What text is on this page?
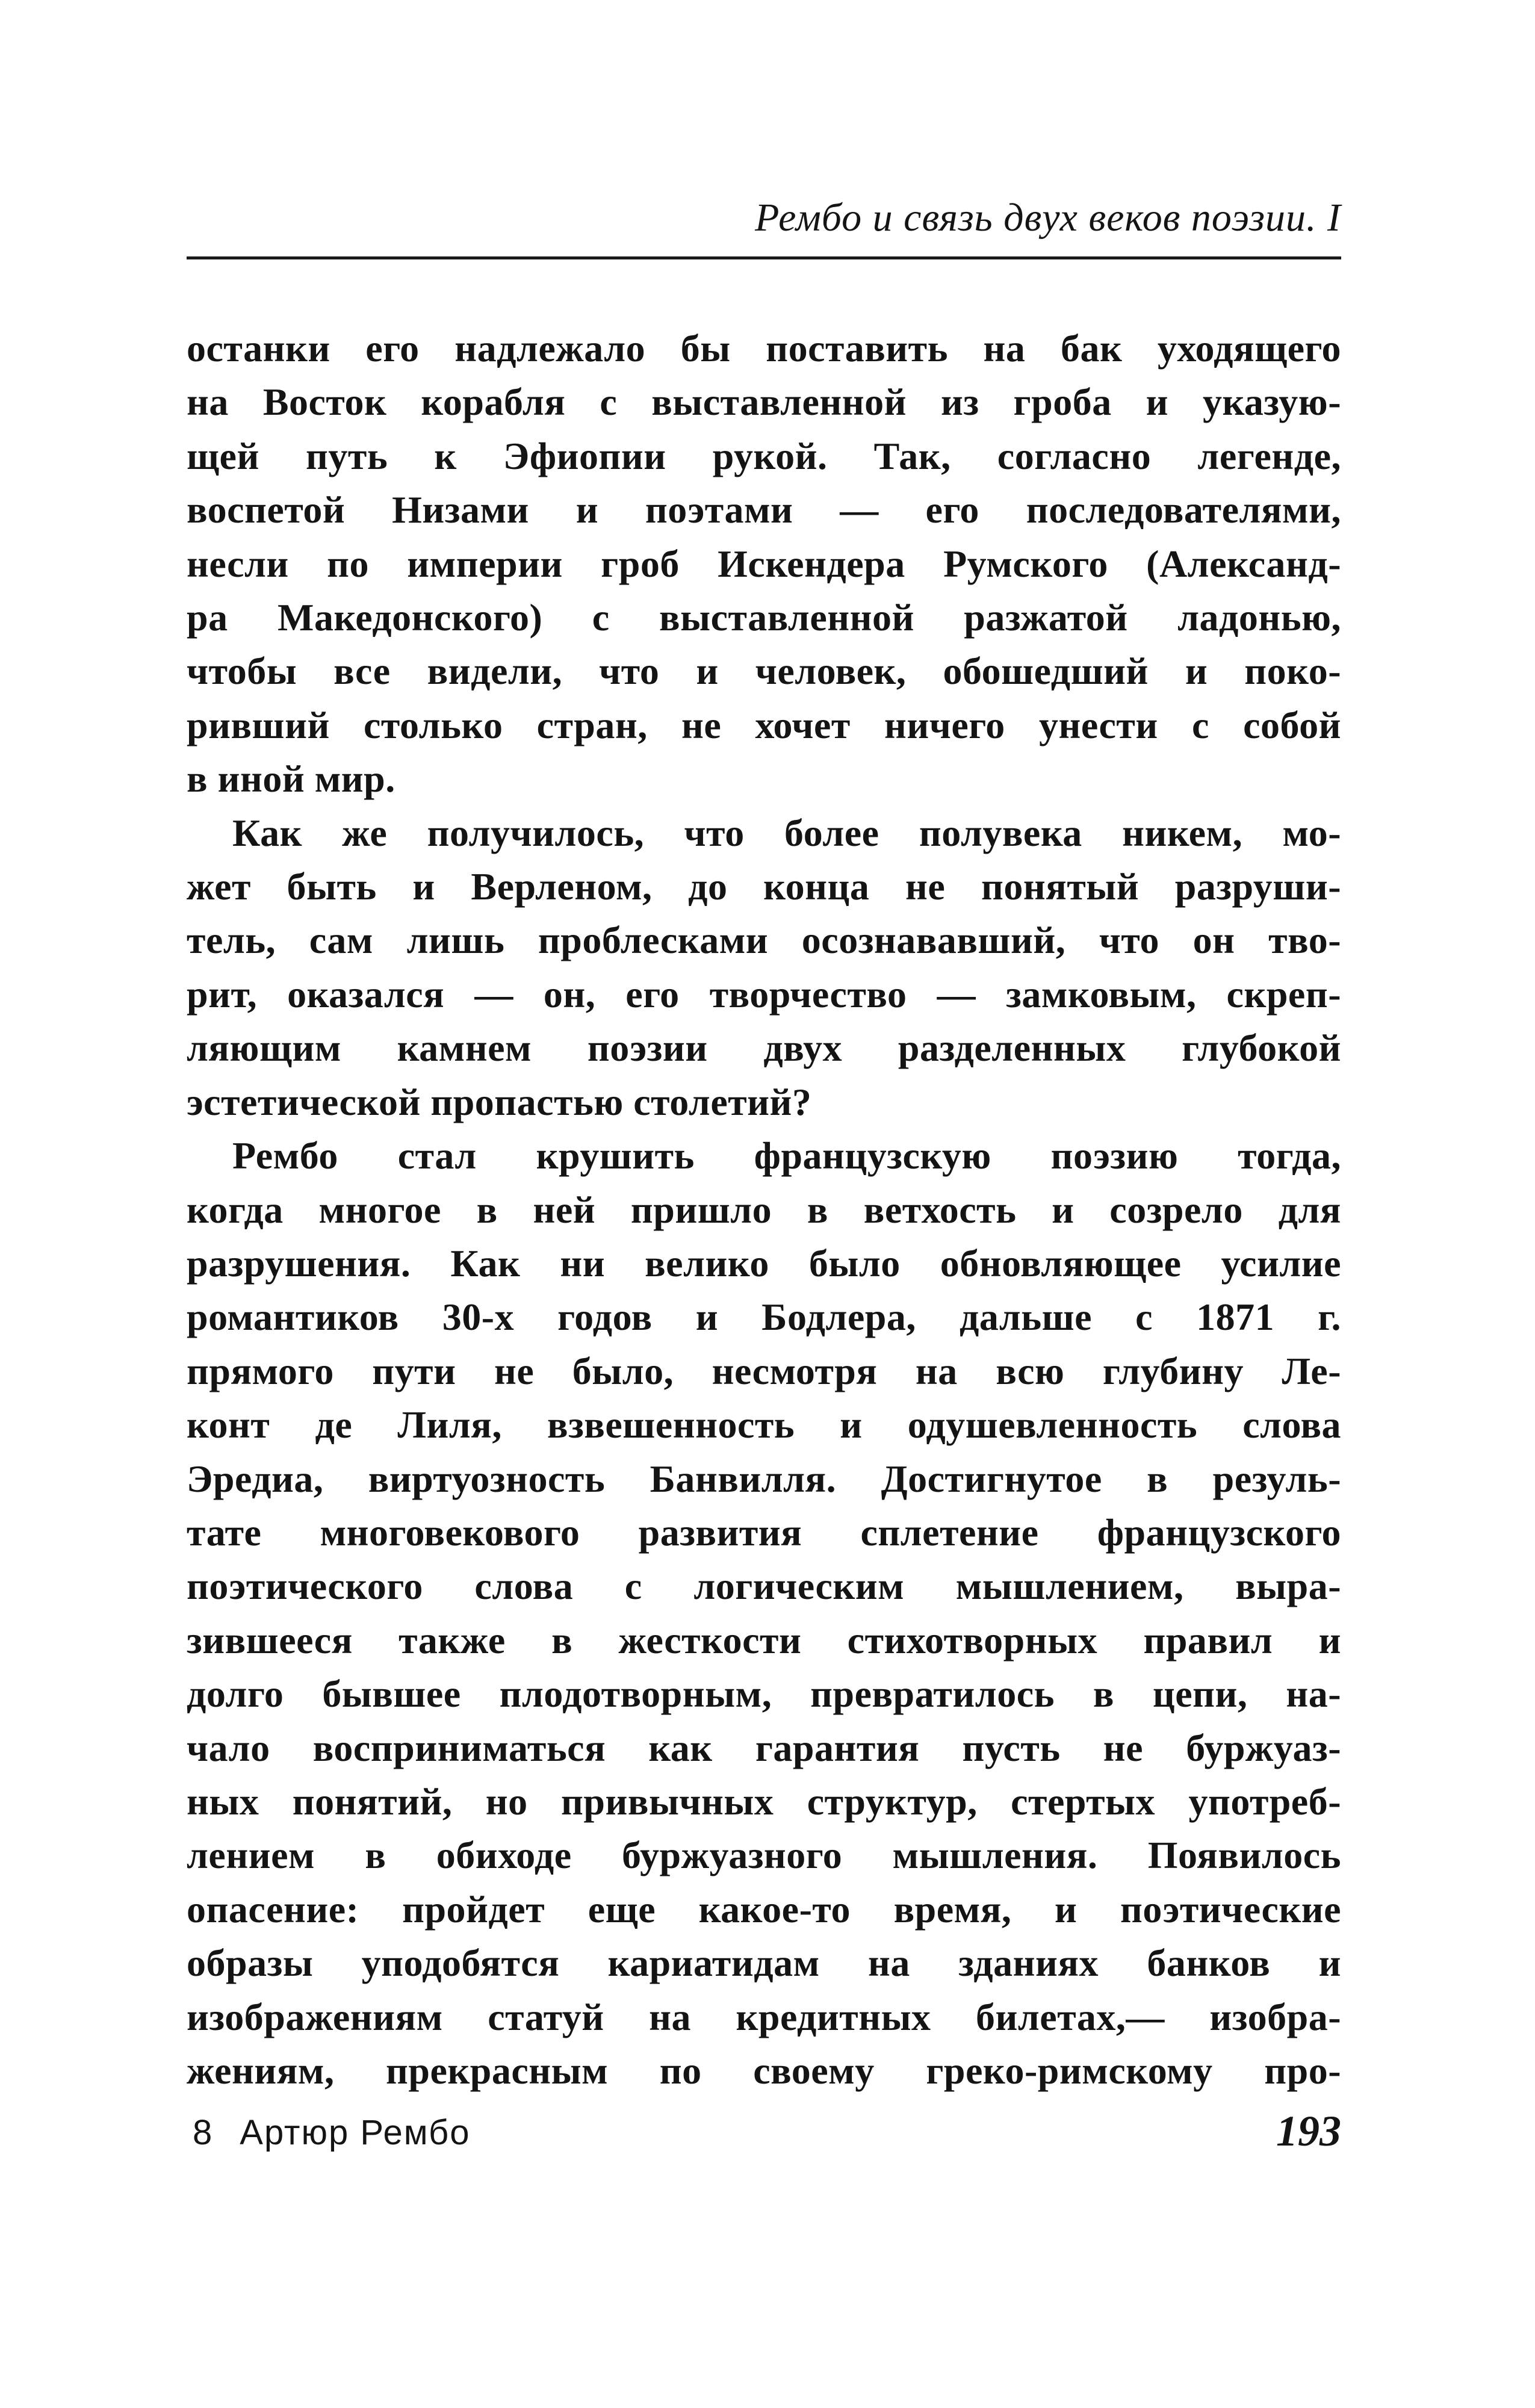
Рембо и связь двух веков поэзии. I

останки его надлежало бы поставить на бак уходящего
на Восток корабля с выставленной из гроба и указую-
щей путь к Эфиопии рукой. Так, согласно легенде,
воспетой Низами и поэтами — его последователями,
несли по империи гроб Искендера Румского (Александ-
ра Македонского) с выставленной разжатой ладонью,
чтобы все видели, что и человек, обошедший и поко-
ривший столько стран, не хочет ничего унести с собой
в иной мир.

Как же получилось, что более полувека никем, мо-
жет быть и Верленом, до конца не понятый разруши-
тель, сам лишь проблесками осознававший, что он тво-
рит, оказался — он, его творчество — замковым, скреп-
ляющим камнем поэзии двух разделенных глубокой
эстетической пропастью столетий?

Рембо стал крушить французскую поэзию тогда,
когда многое в ней пришло в ветхость и созрело для
разрушения. Как ни велико было обновляющее усилие
романтиков 30-х годов и Бодлера, дальше с 1871 г.
прямого пути не было, несмотря на всю глубину Ле-
конт де Лиля, взвешенность и одушевленность слова
Эредиа, виртуозность Банвилля. Достигнутое в резуль-
тате многовекового развития сплетение французского
поэтического слова с логическим мышлением, выра-
зившееся также в жесткости стихотворных правил и
долго бывшее плодотворным, превратилось в цепи, на-
чало восприниматься как гарантия пусть не буржуаз-
ных понятий, но привычных структур, стертых употреб-
лением в обиходе буржуазного мышления. Появилось
опасение: пройдет еще какое-то время, и поэтические
образы уподобятся кариатидам на зданиях банков и
изображениям статуй на кредитных билетах,— изобра-
жениям, прекрасным по своему греко-римскому про-

8 Артюр Рембо	193
